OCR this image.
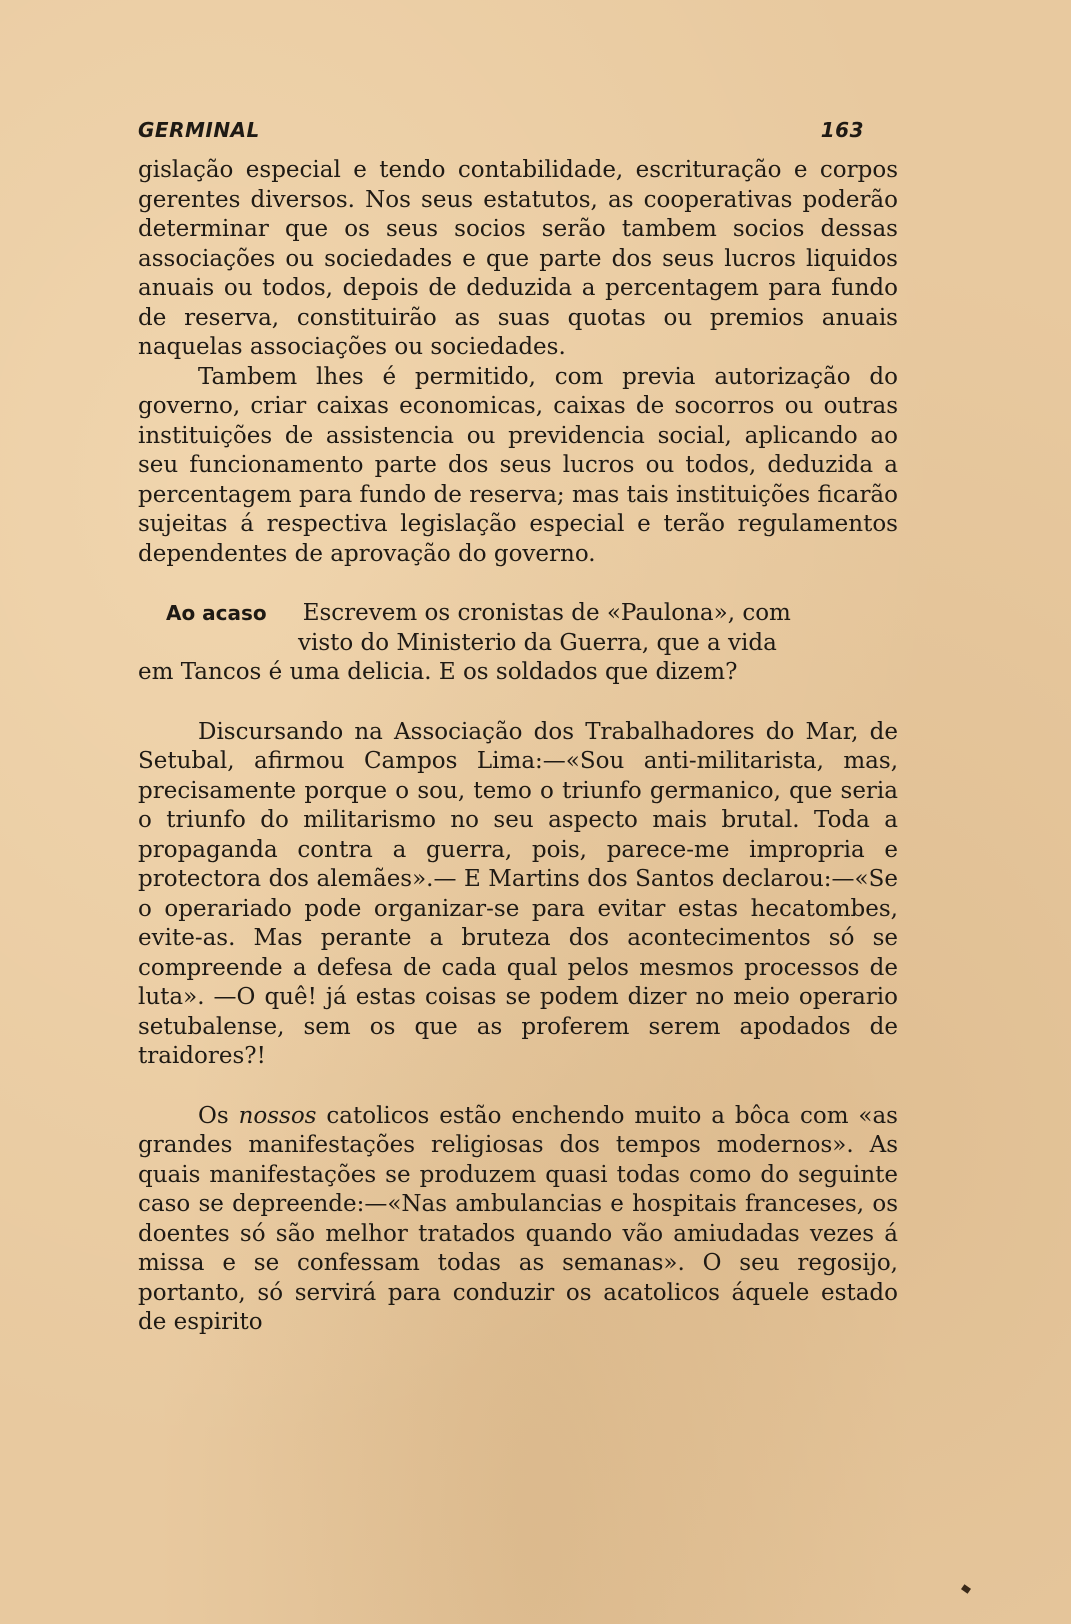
GERMINAL	163

gislação especial e tendo contabilidade, escrituração e corpos gerentes diversos. Nos seus estatutos, as cooperativas poderão determinar que os seus socios serão tambem socios dessas associações ou sociedades e que parte dos seus lucros liquidos anuais ou todos, depois de deduzida a percentagem para fundo de reserva, constituirão as suas quotas ou premios anuais naquelas associações ou sociedades.

Tambem lhes é permitido, com previa autorização do governo, criar caixas economicas, caixas de socorros ou outras instituições de assistencia ou previdencia social, aplicando ao seu funcionamento parte dos seus lucros ou todos, deduzida a percentagem para fundo de reserva; mas tais instituições ficarão sujeitas á respectiva legislação especial e terão regulamentos dependentes de aprovação do governo.

Ao acaso Escrevem os cronistas de «Paulona», com
visto do Ministerio da Guerra, que a vida
em Tancos é uma delicia. E os soldados que dizem?

Discursando na Associação dos Trabalhadores do Mar, de Setubal, afirmou Campos Lima:—«Sou anti-militarista, mas, precisamente porque o sou, temo o triunfo germanico, que seria o triunfo do militarismo no seu aspecto mais brutal. Toda a propaganda contra a guerra, pois, parece-me impropria e protectora dos alemães».— E Martins dos Santos declarou:—«Se o operariado pode organizar-se para evitar estas hecatombes, evite-as. Mas perante a bruteza dos acontecimentos só se compreende a defesa de cada qual pelos mesmos processos de luta». —O quê! já estas coisas se podem dizer no meio operario setubalense, sem os que as proferem serem apodados de traidores?!

Os nossos catolicos estão enchendo muito a bôca com «as grandes manifestações religiosas dos tempos modernos». As quais manifestações se produzem quasi todas como do seguinte caso se depreende:—«Nas ambulancias e hospitais franceses, os doentes só são melhor tratados quando vão amiudadas vezes á missa e se confessam todas as semanas». O seu regosijo, portanto, só servirá para conduzir os acatolicos áquele estado de espirito
